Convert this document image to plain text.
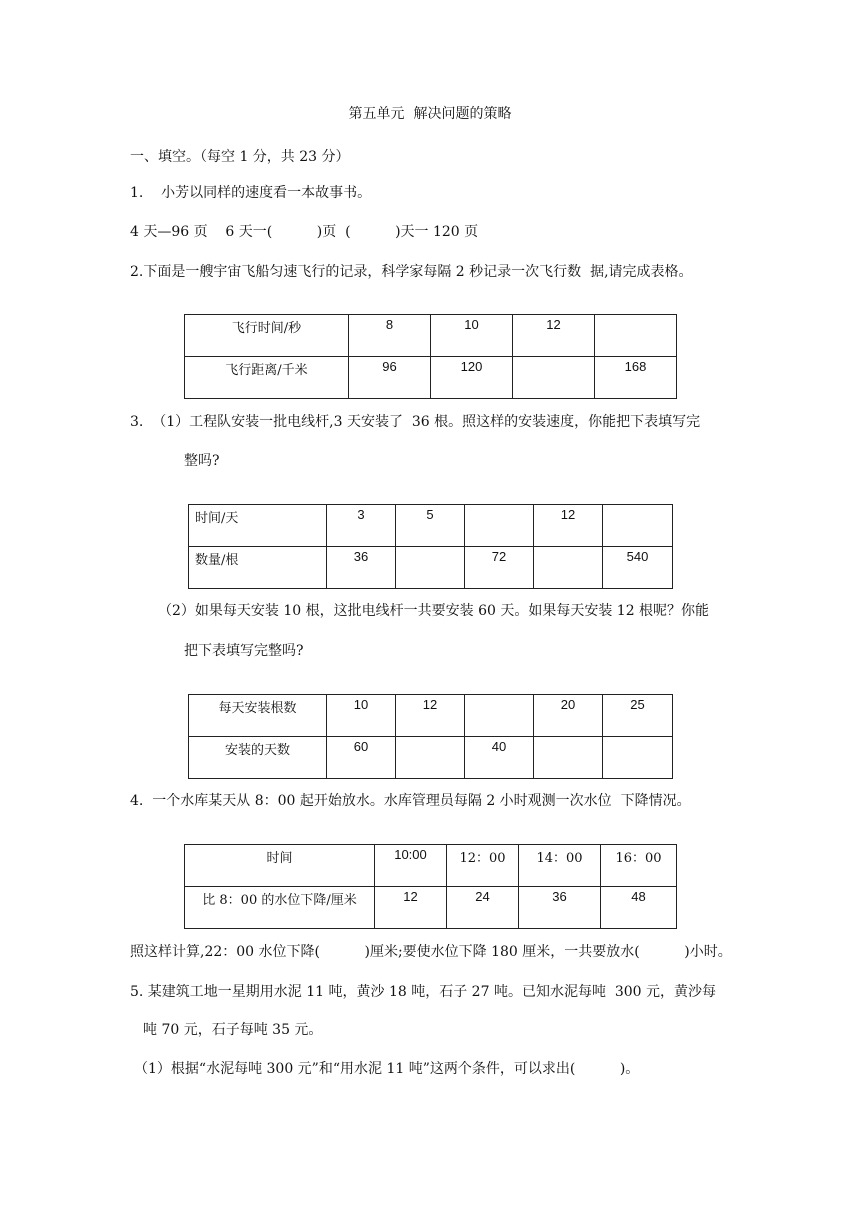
第五单元  解决问题的策略
一、填空。（每空 1 分，共 23 分）
1.    小芳以同样的速度看一本故事书。
4 天—96 页    6 天一(          )页  (          )天一 120 页
2.下面是一艘宇宙飞船匀速飞行的记录，科学家每隔 2 秒记录一次飞行数  据,请完成表格。
飞行时间/秒	8	10	12	
飞行距离/千米	96	120		168
3.  （1）工程队安装一批电线杆,3 天安装了  36 根。照这样的安装速度，你能把下表填写完
整吗?
时间/天	3	5		12	
数量/根	36		72		540
（2）如果每天安装 10 根，这批电线杆一共要安装 60 天。如果每天安装 12 根呢？你能
把下表填写完整吗?
每天安装根数	10	12		20	25
安装的天数	60		40		
4.  一个水库某天从 8：00 起开始放水。水库管理员每隔 2 小时观测一次水位  下降情况。
时间	10:00	12：00	14：00	16：00
比 8：00 的水位下降/厘米	12	24	36	48
照这样计算,22：00 水位下降(          )厘米;要使水位下降 180 厘米，一共要放水(          )小时。
5. 某建筑工地一星期用水泥 11 吨，黄沙 18 吨，石子 27 吨。已知水泥每吨  300 元，黄沙每
吨 70 元，石子每吨 35 元。
（1）根据“水泥每吨 300 元”和“用水泥 11 吨”这两个条件，可以求出(          )。
